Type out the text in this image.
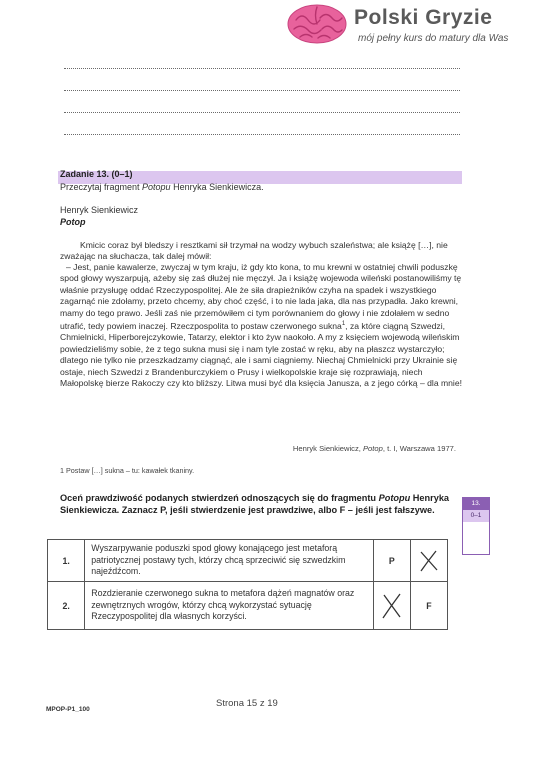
Polski Gryzie
mój pełny kurs do matury dla Was
Zadanie 13. (0–1)
Przeczytaj fragment Potopu Henryka Sienkiewicza.
Henryk Sienkiewicz
Potop
Kmicic coraz był bledszy i resztkami sił trzymał na wodzy wybuch szaleństwa; ale książę […], nie zważając na słuchacza, tak dalej mówił:
– Jest, panie kawalerze, zwyczaj w tym kraju, iż gdy kto kona, to mu krewni w ostatniej chwili poduszkę spod głowy wyszarpują, ażeby się zaś dłużej nie męczył. Ja i książę wojewoda wileński postanowiliśmy tę właśnie przysługę oddać Rzeczypospolitej. Ale że siła drapieżników czyha na spadek i wszystkiego zagarnąć nie zdołamy, przeto chcemy, aby choć część, i to nie lada jaka, dla nas przypadła. Jako krewni, mamy do tego prawo. Jeśli zaś nie przemówiłem ci tym porównaniem do głowy i nie zdołałem w sedno utrafić, tedy powiem inaczej. Rzeczpospolita to postaw czerwonego sukna$^1$, za które ciągną Szwedzi, Chmielnicki, Hiperborejczykowie, Tatarzy, elektor i kto żyw naokoło. A my z księciem wojewodą wileńskim powiedzieliśmy sobie, że z tego sukna musi się i nam tyle zostać w ręku, aby na płaszcz wystarczyło; dlatego nie tylko nie przeszkadzamy ciągnąć, ale i sami ciągniemy. Niechaj Chmielnicki przy Ukrainie się ostaje, niech Szwedzi z Brandenburczykiem o Prusy i wielkopolskie kraje się rozprawiają, niech Małopolskę bierze Rakoczy czy kto bliższy. Litwa musi być dla księcia Janusza, a z jego córką – dla mnie!
Henryk Sienkiewicz, Potop, t. I, Warszawa 1977.
1 Postaw […] sukna – tu: kawałek tkaniny.
Oceń prawdziwość podanych stwierdzeń odnoszących się do fragmentu Potopu Henryka Sienkiewicza. Zaznacz P, jeśli stwierdzenie jest prawdziwe, albo F – jeśli jest fałszywe.
13.
0–1
1.	Wyszarpywanie poduszki spod głowy konającego jest metaforą patriotycznej postawy tych, którzy chcą sprzeciwić się szwedzkim najeźdźcom.	P	

2.	Rozdzieranie czerwonego sukna to metafora dążeń magnatów oraz zewnętrznych wrogów, którzy chcą wykorzystać sytuację Rzeczypospolitej dla własnych korzyści.		F
MPOP-P1_100
Strona 15 z 19
